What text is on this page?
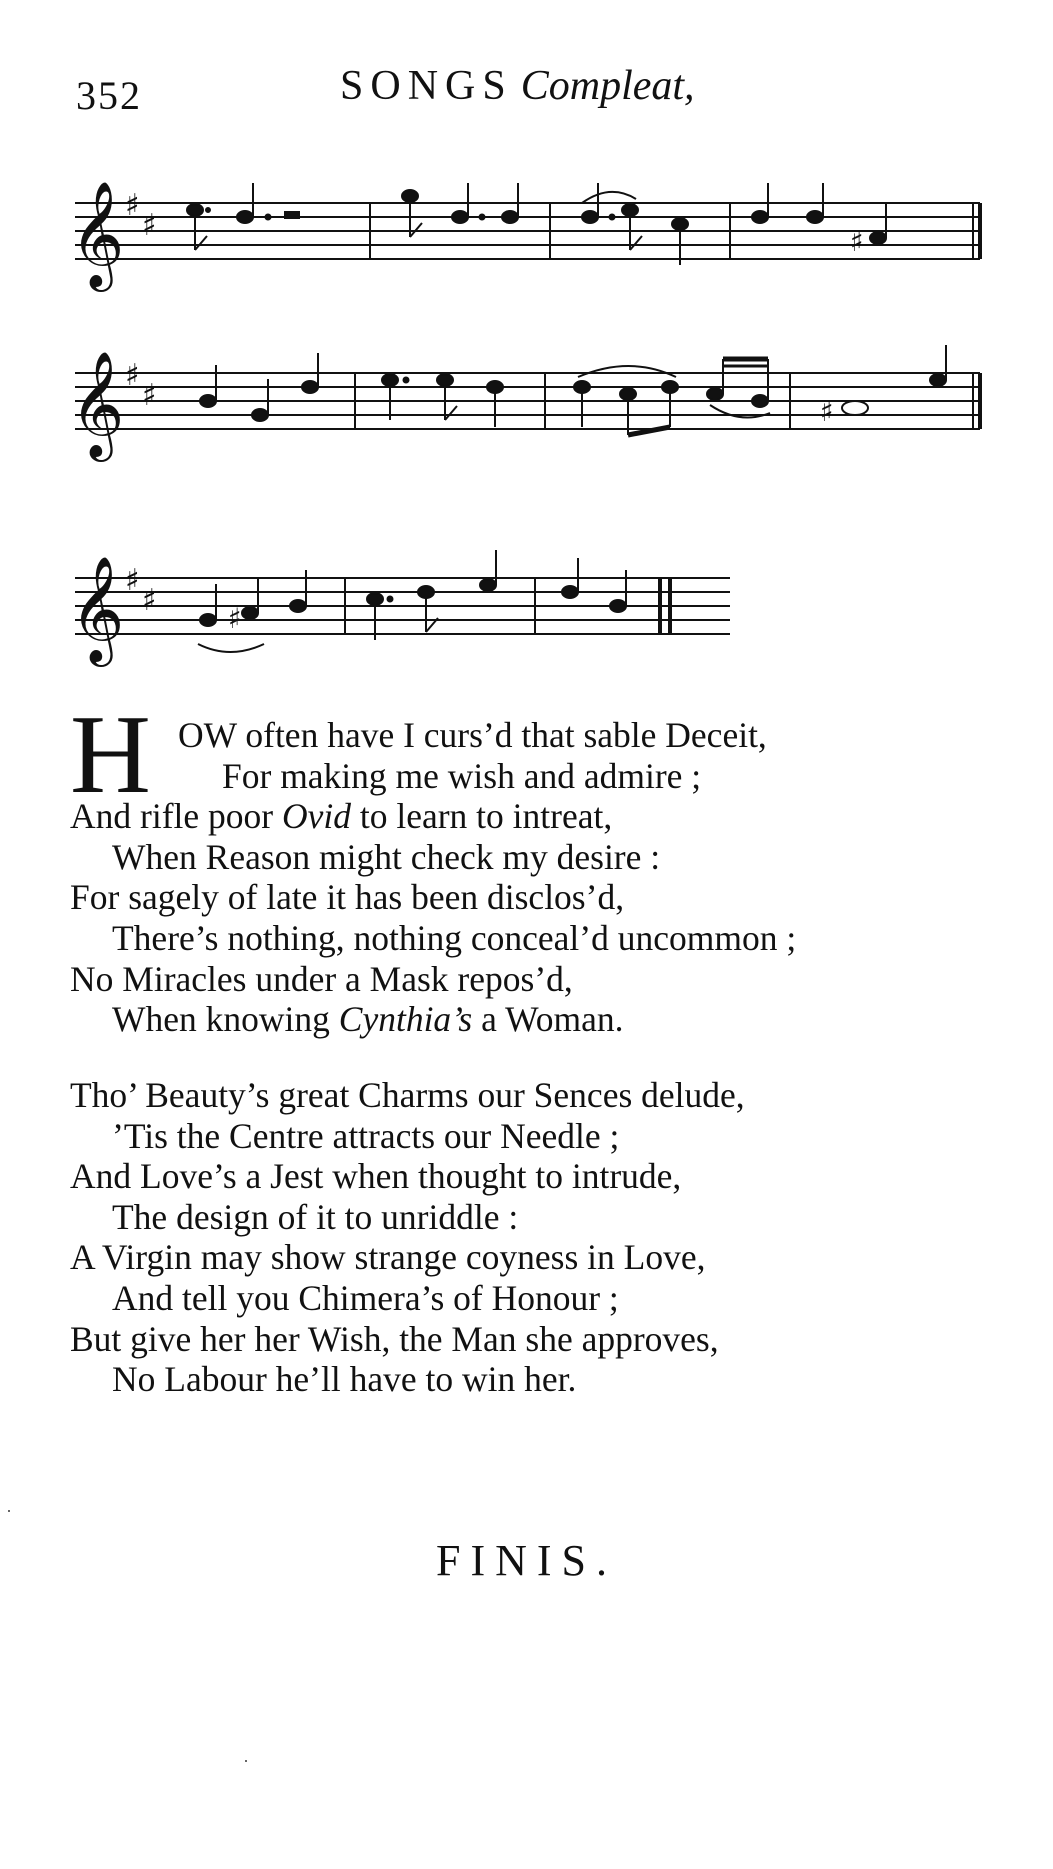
352	SONGS Compleat,
𝄞 ♯
♯	♯
𝄞 ♯
♯	♯
𝄞 ♯
♯
♯
H OW often have I curs’d that sable Deceit,
For making me wish and admire ;
And rifle poor Ovid to learn to intreat,
When Reason might check my desire :
For sagely of late it has been disclos’d,
There’s nothing, nothing conceal’d uncommon ;
No Miracles under a Mask repos’d,
When knowing Cynthia’s a Woman.
Tho’ Beauty’s great Charms our Sences delude,
’Tis the Centre attracts our Needle ;
And Love’s a Jest when thought to intrude,
The design of it to unriddle :
A Virgin may show strange coyness in Love,
And tell you Chimera’s of Honour ;
But give her her Wish, the Man she approves,
No Labour he’ll have to win her.
FINIS.
